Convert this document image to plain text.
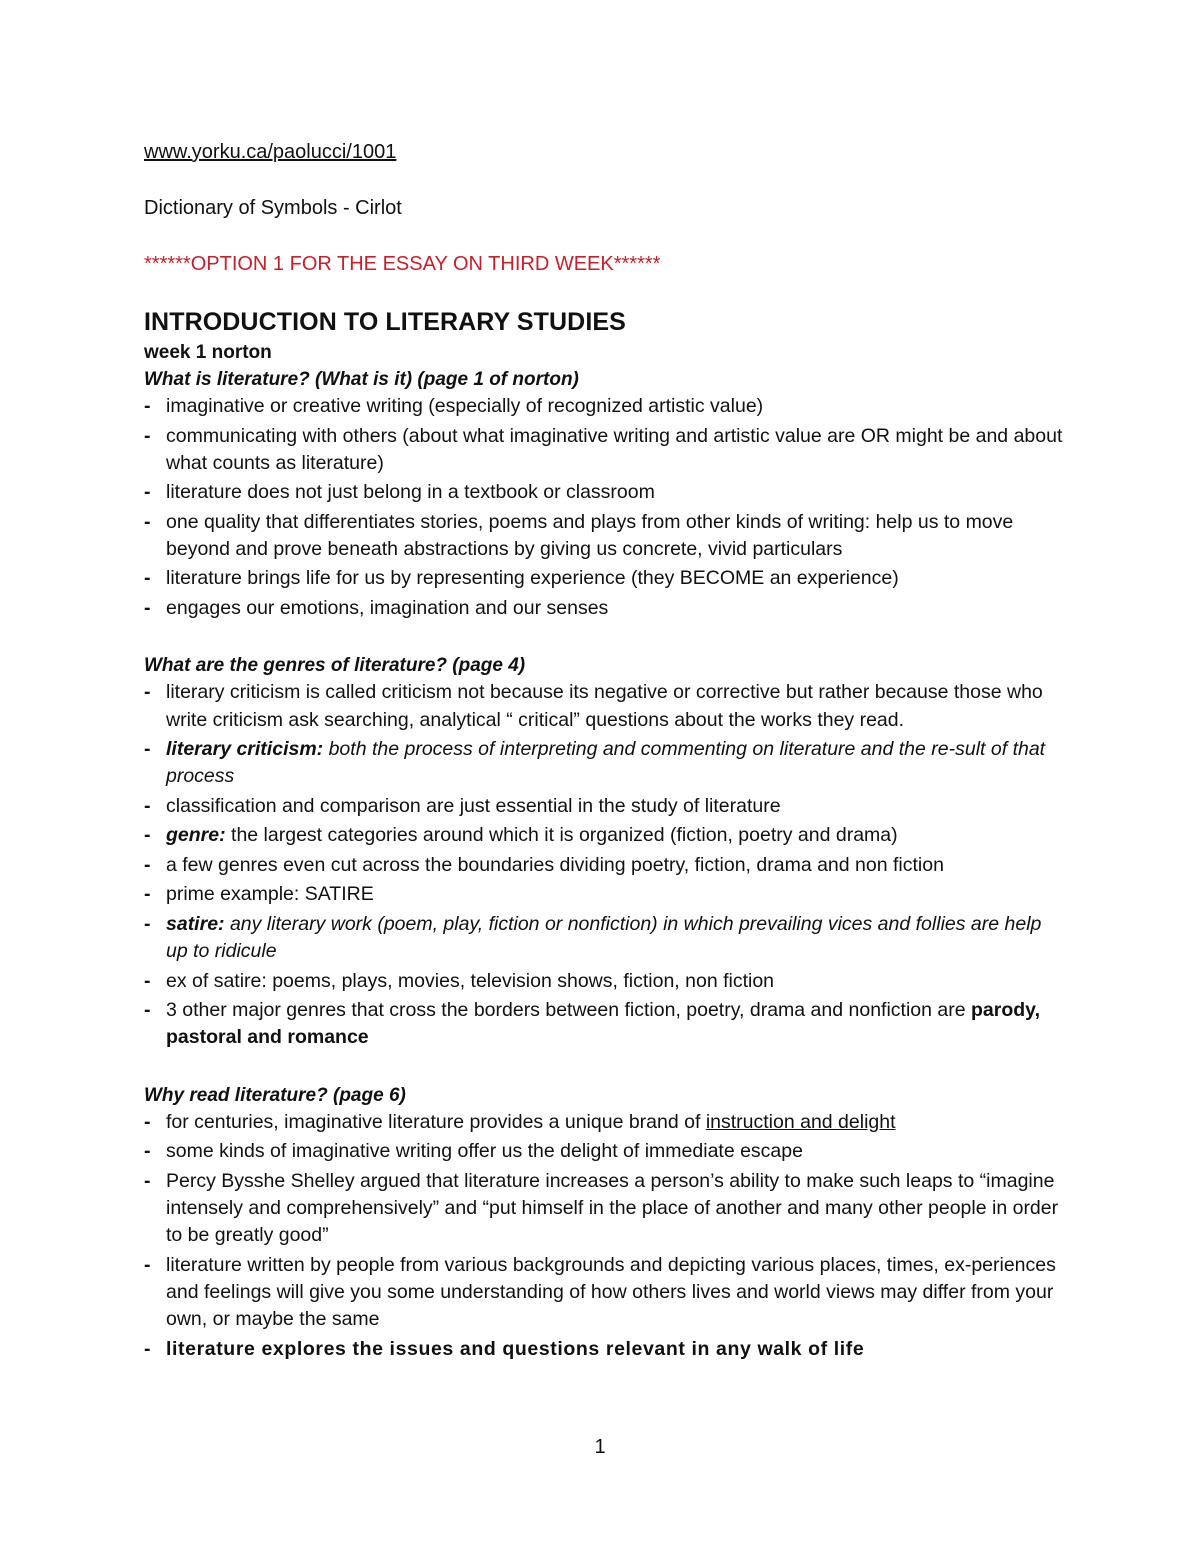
www.yorku.ca/paolucci/1001

Dictionary of Symbols - Cirlot

******OPTION 1 FOR THE ESSAY ON THIRD WEEK******

INTRODUCTION TO LITERARY STUDIES
week 1 norton
What is literature? (What is it) (page 1 of norton)
- imaginative or creative writing (especially of recognized artistic value)
- communicating with others (about what imaginative writing and artistic value are OR might be and about what counts as literature)
- literature does not just belong in a textbook or classroom
- one quality that differentiates stories, poems and plays from other kinds of writing: help us to move beyond and prove beneath abstractions by giving us concrete, vivid particulars
- literature brings life for us by representing experience (they BECOME an experience)
- engages our emotions, imagination and our senses
What are the genres of literature? (page 4)
- literary criticism is called criticism not because its negative or corrective but rather because those who write criticism ask searching, analytical “ critical” questions about the works they read.
- literary criticism: both the process of interpreting and commenting on literature and the re-sult of that process
- classification and comparison are just essential in the study of literature
- genre: the largest categories around which it is organized (fiction, poetry and drama)
- a few genres even cut across the boundaries dividing poetry, fiction, drama and non fiction
- prime example: SATIRE
- satire: any literary work (poem, play, fiction or nonfiction) in which prevailing vices and follies are help up to ridicule
- ex of satire: poems, plays, movies, television shows, fiction, non fiction
- 3 other major genres that cross the borders between fiction, poetry, drama and nonfiction are parody, pastoral and romance
Why read literature? (page 6)
- for centuries, imaginative literature provides a unique brand of instruction and delight
- some kinds of imaginative writing offer us the delight of immediate escape
- Percy Bysshe Shelley argued that literature increases a person’s ability to make such leaps to “imagine intensely and comprehensively” and “put himself in the place of another and many other people in order to be greatly good”
- literature written by people from various backgrounds and depicting various places, times, ex-periences and feelings will give you some understanding of how others lives and world views may differ from your own, or maybe the same
- literature explores the issues and questions relevant in any walk of life
1
